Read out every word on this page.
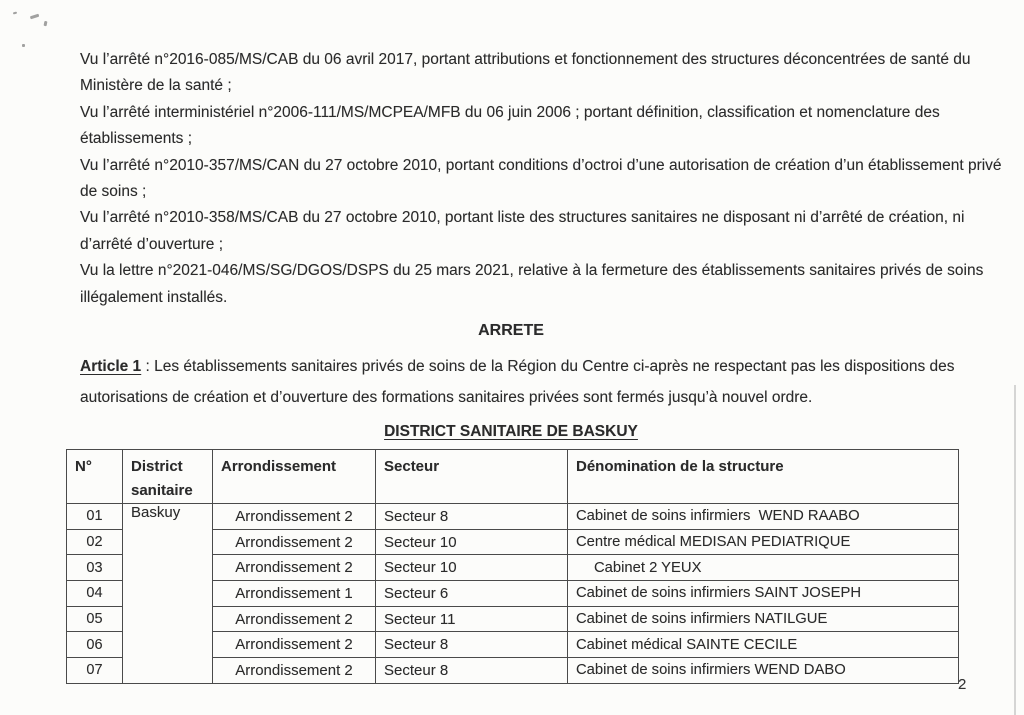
Vu l’arrêté n°2016-085/MS/CAB du 06 avril 2017, portant attributions et fonctionnement des structures déconcentrées de santé du
Ministère de la santé ;
Vu l’arrêté interministériel n°2006-111/MS/MCPEA/MFB du 06 juin 2006 ; portant définition, classification et nomenclature des
établissements ;
Vu l’arrêté n°2010-357/MS/CAN du 27 octobre 2010, portant conditions d’octroi d’une autorisation de création d’un établissement privé
de soins ;
Vu l’arrêté n°2010-358/MS/CAB du 27 octobre 2010, portant liste des structures sanitaires ne disposant ni d’arrêté de création, ni
d’arrêté d’ouverture ;
Vu la lettre n°2021-046/MS/SG/DGOS/DSPS du 25 mars 2021, relative à la fermeture des établissements sanitaires privés de soins
illégalement installés.
ARRETE
Article 1 : Les établissements sanitaires privés de soins de la Région du Centre ci-après ne respectant pas les dispositions des
autorisations de création et d’ouverture des formations sanitaires privées sont fermés jusqu’à nouvel ordre.
DISTRICT SANITAIRE DE BASKUY
N°	District sanitaire	Arrondissement	Secteur	Dénomination de la structure
01	Baskuy	Arrondissement 2	Secteur 8	Cabinet de soins infirmiers  WEND RAABO
02		Arrondissement 2	Secteur 10	Centre médical MEDISAN PEDIATRIQUE
03		Arrondissement 2	Secteur 10	Cabinet 2 YEUX
04		Arrondissement 1	Secteur 6	Cabinet de soins infirmiers SAINT JOSEPH
05		Arrondissement 2	Secteur 11	Cabinet de soins infirmiers NATILGUE
06		Arrondissement 2	Secteur 8	Cabinet médical SAINTE CECILE
07		Arrondissement 2	Secteur 8	Cabinet de soins infirmiers WEND DABO
2
